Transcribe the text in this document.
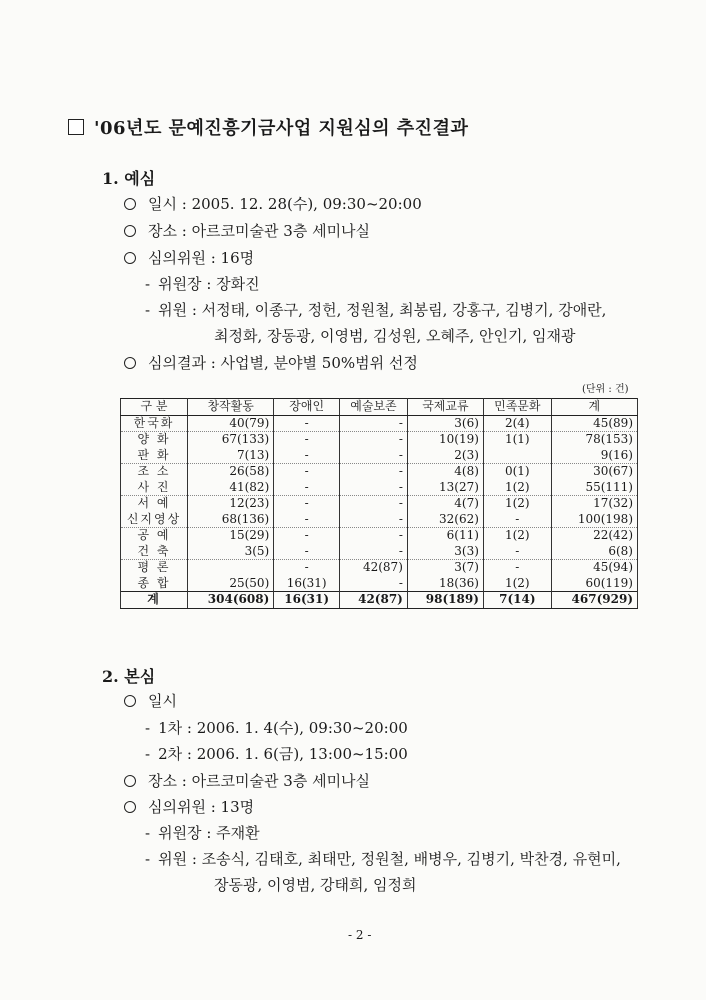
'06년도 문예진흥기금사업 지원심의 추진결과
1. 예심
일시 : 2005. 12. 28(수), 09:30~20:00
장소 : 아르코미술관 3층 세미나실
심의위원 : 16명
- 위원장 : 장화진
- 위원 : 서정태, 이종구, 정헌, 정원철, 최봉림, 강홍구, 김병기, 강애란,
최정화, 장동광, 이영범, 김성원, 오혜주, 안인기, 임재광
심의결과 : 사업별, 분야별 50%범위 선정
(단위 : 건)
구 분	창작활동	장애인	예술보존	국제교류	민족문화	계
한국화	40(79)	-	-	3(6)	2(4)	45(89)
양 화	67(133)	-	-	10(19)	1(1)	78(153)
판 화	7(13)	-	-	2(3)		9(16)
조 소	26(58)	-	-	4(8)	0(1)	30(67)
사 진	41(82)	-	-	13(27)	1(2)	55(111)
서 예	12(23)	-	-	4(7)	1(2)	17(32)
신지영상	68(136)	-	-	32(62)	-	100(198)
공 예	15(29)	-	-	6(11)	1(2)	22(42)
건 축	3(5)	-	-	3(3)	-	6(8)
평 론		-	42(87)	3(7)	-	45(94)
종 합	25(50)	16(31)	-	18(36)	1(2)	60(119)
계	304(608)	16(31)	42(87)	98(189)	7(14)	467(929)
2. 본심
일시
- 1차 : 2006. 1. 4(수), 09:30~20:00
- 2차 : 2006. 1. 6(금), 13:00~15:00
장소 : 아르코미술관 3층 세미나실
심의위원 : 13명
- 위원장 : 주재환
- 위원 : 조송식, 김태호, 최태만, 정원철, 배병우, 김병기, 박찬경, 유현미,
장동광, 이영범, 강태희, 임정희
- 2 -
